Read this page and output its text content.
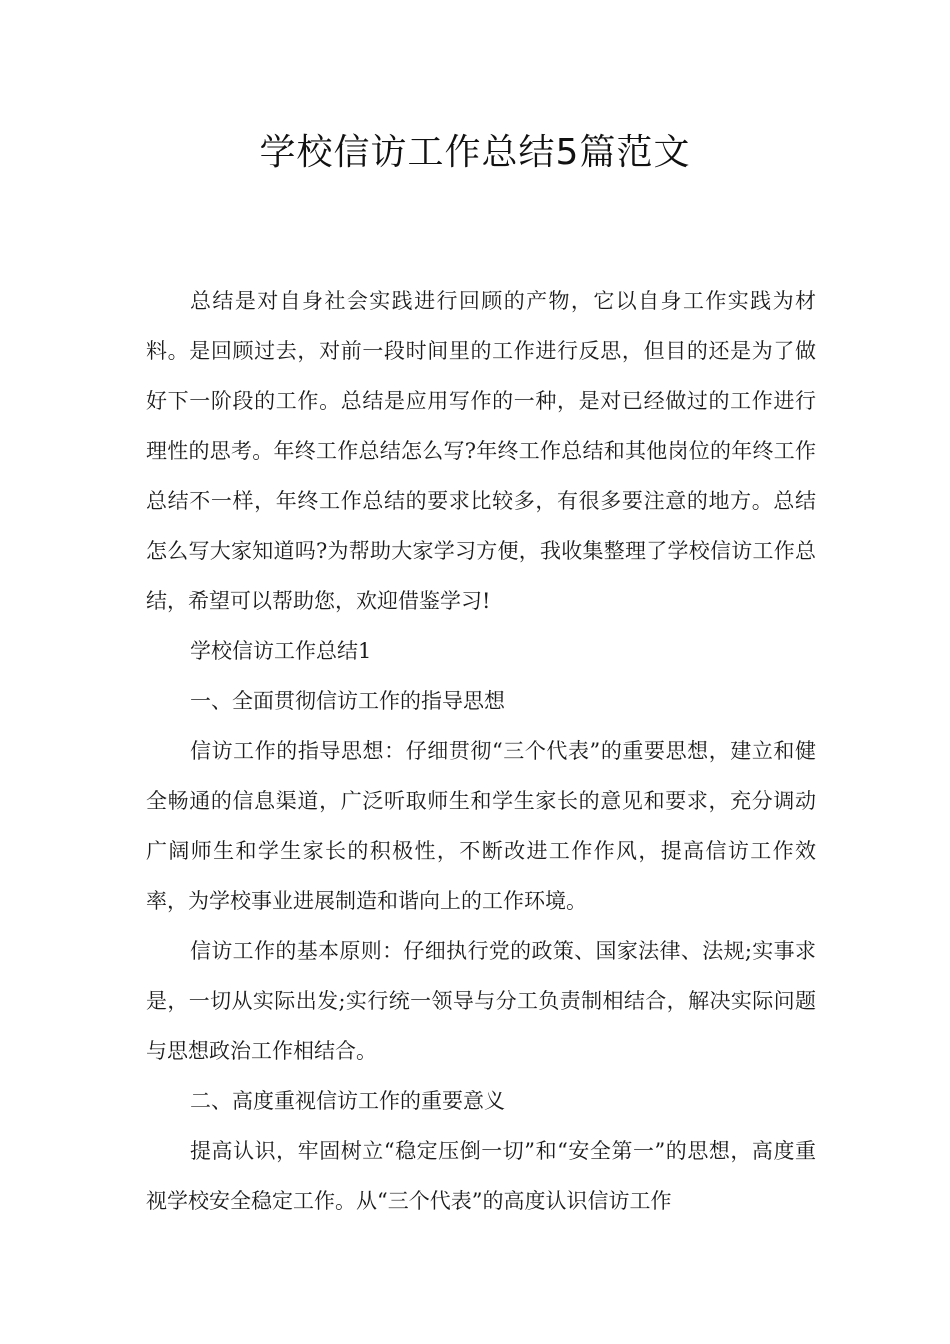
学校信访工作总结5篇范文

总结是对自身社会实践进行回顾的产物，它以自身工作实践为材料。是回顾过去，对前一段时间里的工作进行反思，但目的还是为了做好下一阶段的工作。总结是应用写作的一种，是对已经做过的工作进行理性的思考。年终工作总结怎么写?年终工作总结和其他岗位的年终工作总结不一样，年终工作总结的要求比较多，有很多要注意的地方。总结怎么写大家知道吗?为帮助大家学习方便，我收集整理了学校信访工作总结，希望可以帮助您，欢迎借鉴学习!

学校信访工作总结1

一、全面贯彻信访工作的指导思想

信访工作的指导思想：仔细贯彻“三个代表”的重要思想，建立和健全畅通的信息渠道，广泛听取师生和学生家长的意见和要求，充分调动广阔师生和学生家长的积极性，不断改进工作作风，提高信访工作效率，为学校事业进展制造和谐向上的工作环境。

信访工作的基本原则：仔细执行党的政策、国家法律、法规;实事求是，一切从实际出发;实行统一领导与分工负责制相结合，解决实际问题与思想政治工作相结合。

二、高度重视信访工作的重要意义

提高认识，牢固树立“稳定压倒一切”和“安全第一”的思想，高度重视学校安全稳定工作。从“三个代表”的高度认识信访工作
